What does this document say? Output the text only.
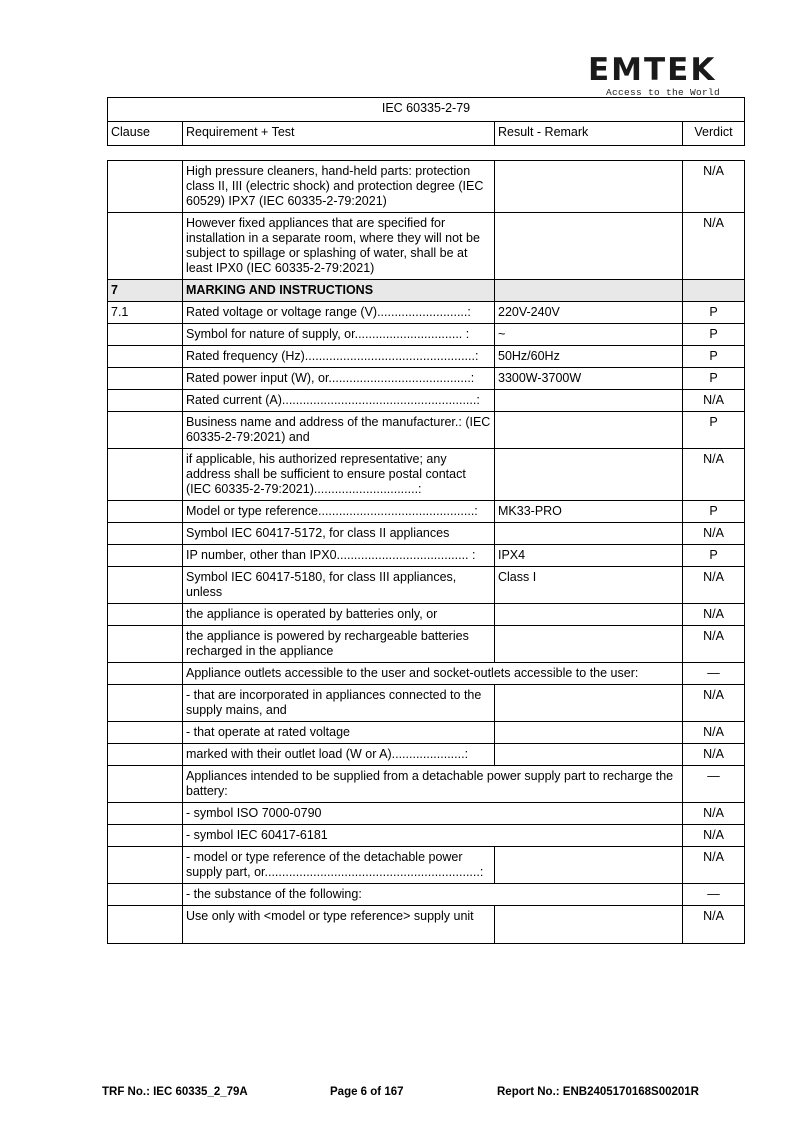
EMTEK
Access to the World
IEC 60335-2-79
Clause	Requirement + Test	Result - Remark	Verdict
	High pressure cleaners, hand-held parts: protection class II, III (electric shock) and protection degree (IEC 60529) IPX7 (IEC 60335-2-79:2021)		N/A
	However fixed appliances that are specified for installation in a separate room, where they will not be subject to spillage or splashing of water, shall be at least IPX0 (IEC 60335-2-79:2021)		N/A
7	MARKING AND INSTRUCTIONS		
7.1	Rated voltage or voltage range (V)..........................:	220V-240V	P
	Symbol for nature of supply, or............................... :	~	P
	Rated frequency (Hz).................................................:	50Hz/60Hz	P
	Rated power input (W), or.........................................:	3300W-3700W	P
	Rated current (A)........................................................:		N/A
	Business name and address of the manufacturer.: (IEC 60335-2-79:2021) and		P
	if applicable, his authorized representative; any address shall be sufficient to ensure postal contact (IEC 60335-2-79:2021)..............................:		N/A
	Model or type reference.............................................:	MK33-PRO	P
	Symbol IEC 60417-5172, for class II appliances		N/A
	IP number, other than IPX0...................................... :	IPX4	P
	Symbol IEC 60417-5180, for class III appliances, unless	Class I	N/A
	the appliance is operated by batteries only, or		N/A
	the appliance is powered by rechargeable batteries recharged in the appliance		N/A
	Appliance outlets accessible to the user and socket-outlets accessible to the user:		—
	- that are incorporated in appliances connected to the supply mains, and		N/A
	- that operate at rated voltage		N/A
	marked with their outlet load (W or A).....................:		N/A
	Appliances intended to be supplied from a detachable power supply part to recharge the battery:		—
	- symbol ISO 7000-0790		N/A
	- symbol IEC 60417-6181		N/A
	- model or type reference of the detachable power supply part, or..............................................................:		N/A
	- the substance of the following:		—
	Use only with <model or type reference> supply unit		N/A
TRF No.: IEC 60335_2_79A	Page 6 of 167	Report No.: ENB2405170168S00201R
